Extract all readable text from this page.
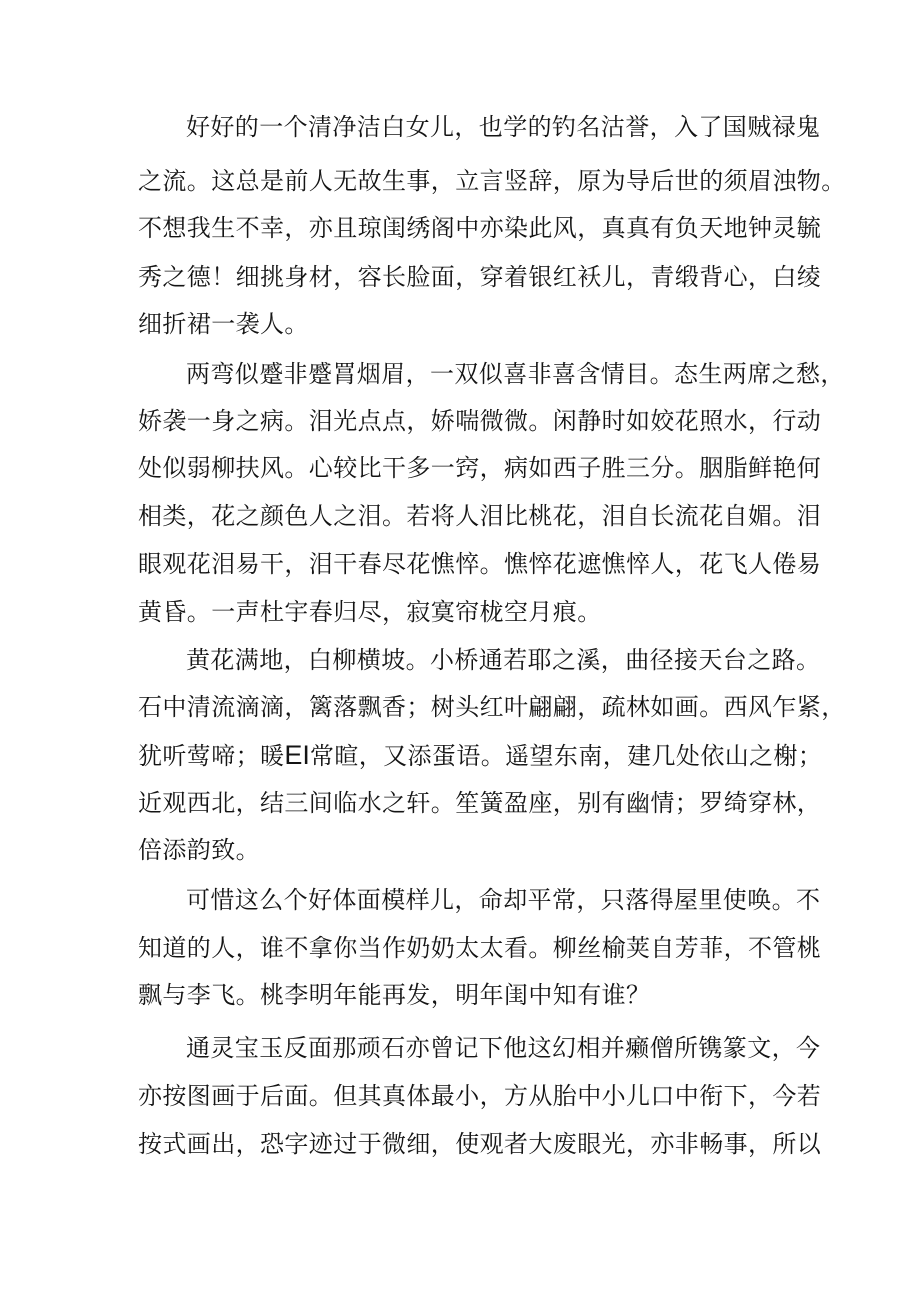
好好的一个清净洁白女儿，也学的钓名沽誉，入了国贼禄鬼
之流。这总是前人无故生事，立言竖辞，原为导后世的须眉浊物。
不想我生不幸，亦且琼闺绣阁中亦染此风，真真有负天地钟灵毓
秀之德！细挑身材，容长脸面，穿着银红袄儿，青缎背心，白绫
细折裙一袭人。
两弯似蹙非蹙罥烟眉，一双似喜非喜含情目。态生两席之愁，
娇袭一身之病。泪光点点，娇喘微微。闲静时如姣花照水，行动
处似弱柳扶风。心较比干多一窍，病如西子胜三分。胭脂鲜艳何
相类，花之颜色人之泪。若将人泪比桃花，泪自长流花自媚。泪
眼观花泪易干，泪干春尽花憔悴。憔悴花遮憔悴人，花飞人倦易
黄昏。一声杜宇春归尽，寂寞帘栊空月痕。
黄花满地，白柳横坡。小桥通若耶之溪，曲径接天台之路。
石中清流滴滴，篱落飘香；树头红叶翩翩，疏林如画。西风乍紧，
犹听莺啼；暖EI常暄，又添蛋语。遥望东南，建几处依山之榭；
近观西北，结三间临水之轩。笙簧盈座，别有幽情；罗绮穿林，
倍添韵致。
可惜这么个好体面模样儿，命却平常，只落得屋里使唤。不
知道的人，谁不拿你当作奶奶太太看。柳丝榆荚自芳菲，不管桃
飘与李飞。桃李明年能再发，明年闺中知有谁？
通灵宝玉反面那顽石亦曾记下他这幻相并癞僧所镌篆文，今
亦按图画于后面。但其真体最小，方从胎中小儿口中衔下，今若
按式画出，恐字迹过于微细，使观者大废眼光，亦非畅事，所以
